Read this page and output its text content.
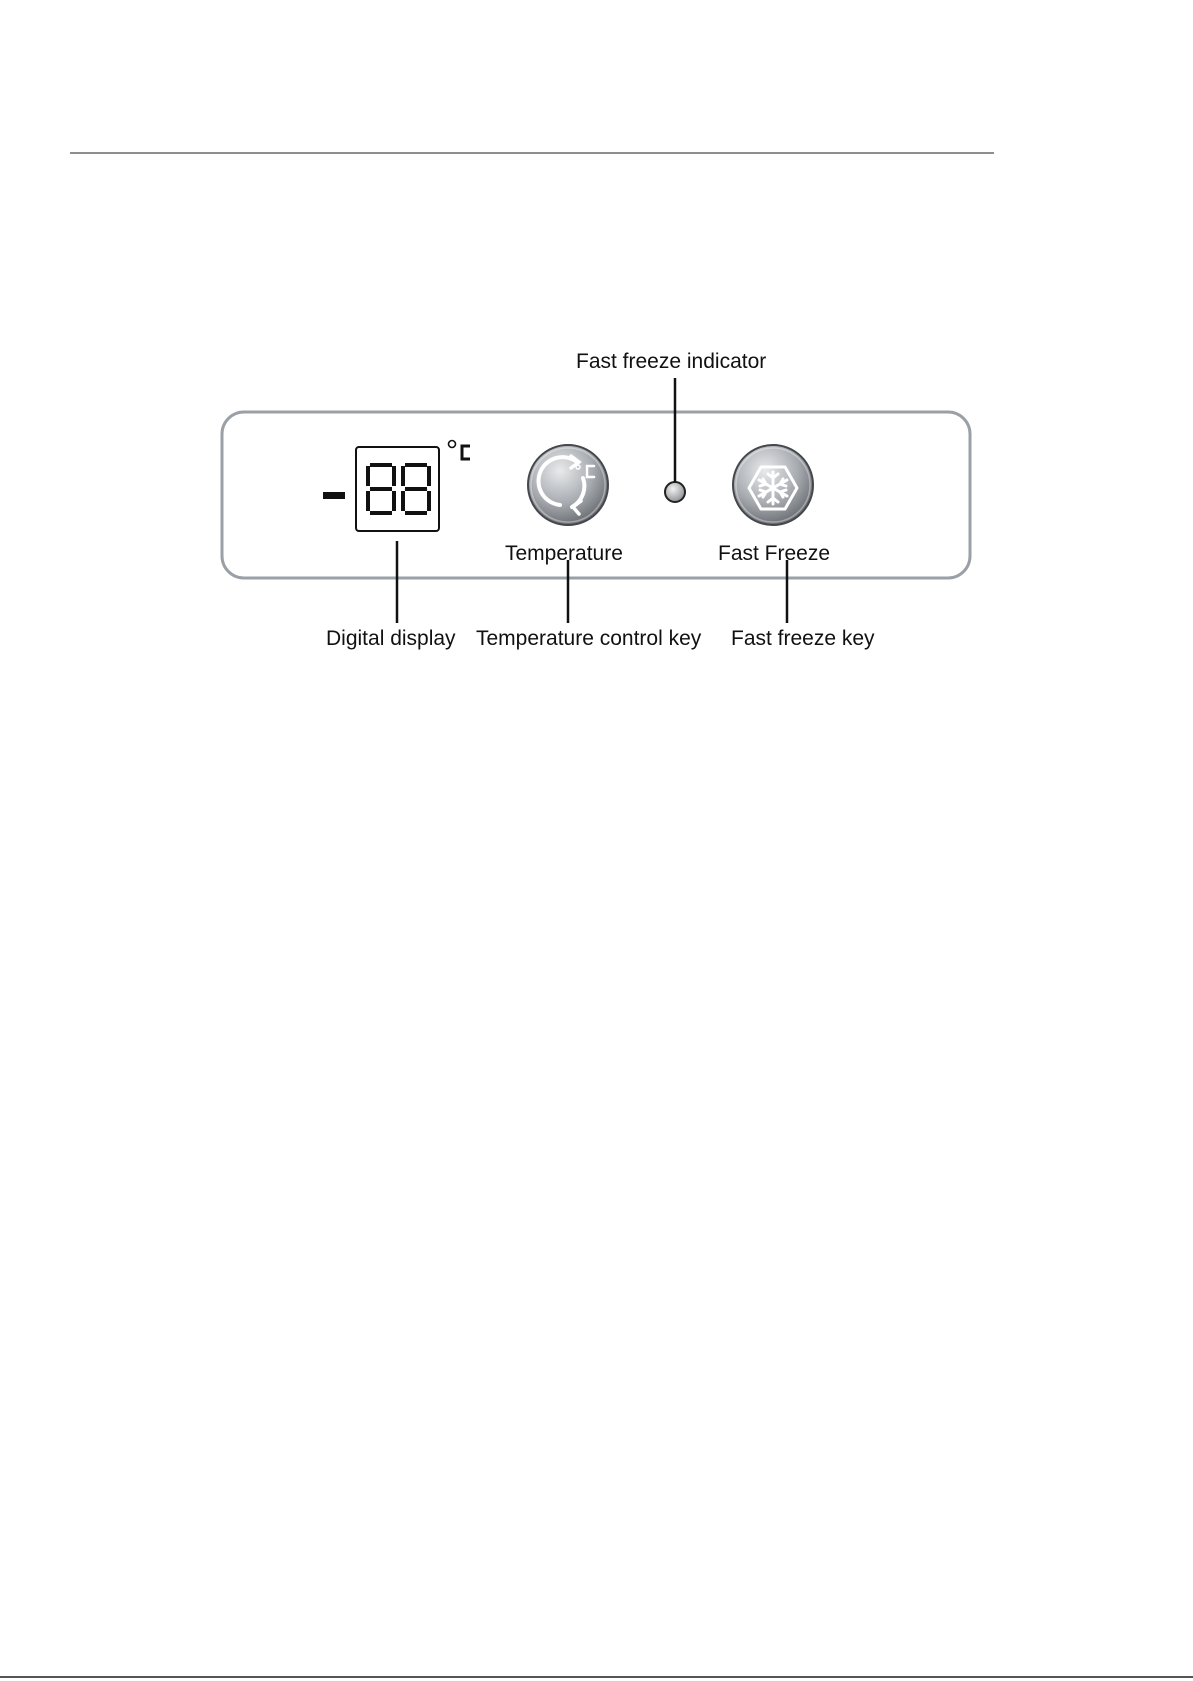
Fast freeze indicator
Temperature	Fast Freeze
Digital display Temperature control key Fast freeze key
